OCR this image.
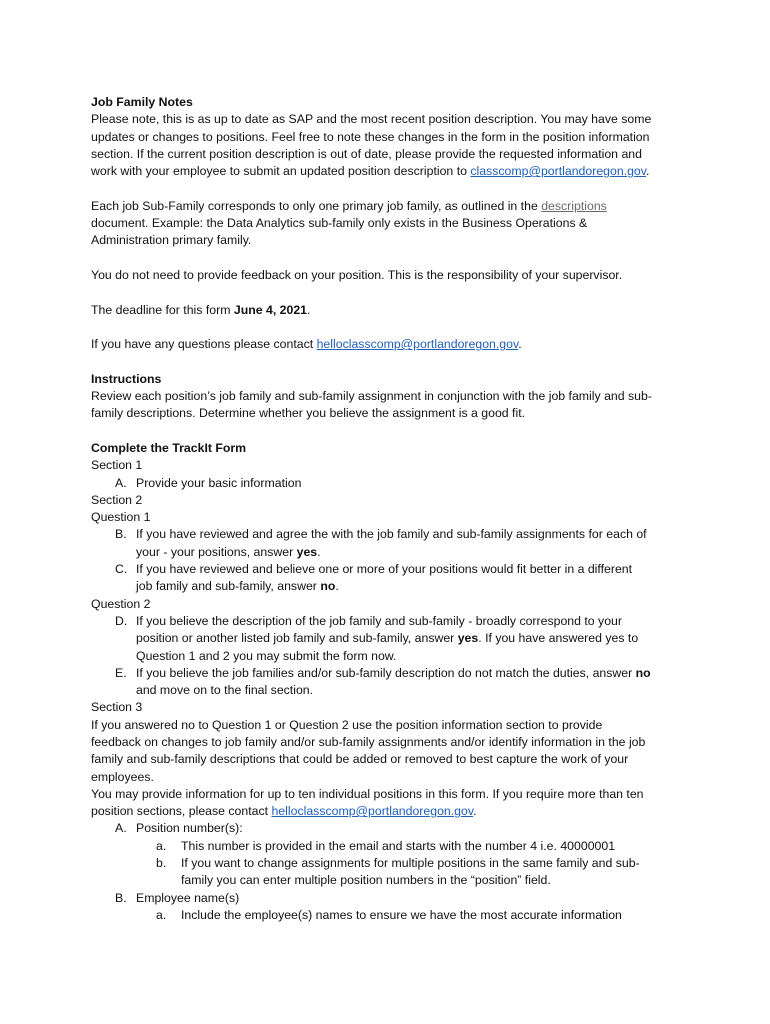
Job Family Notes
Please note, this is as up to date as SAP and the most recent position description. You may have some
updates or changes to positions. Feel free to note these changes in the form in the position information
section. If the current position description is out of date, please provide the requested information and
work with your employee to submit an updated position description to classcomp@portlandoregon.gov.
Each job Sub-Family corresponds to only one primary job family, as outlined in the descriptions
document. Example: the Data Analytics sub-family only exists in the Business Operations &
Administration primary family.
You do not need to provide feedback on your position. This is the responsibility of your supervisor.
The deadline for this form June 4, 2021.
If you have any questions please contact helloclasscomp@portlandoregon.gov.
Instructions
Review each position’s job family and sub-family assignment in conjunction with the job family and sub-
family descriptions. Determine whether you believe the assignment is a good fit.
Complete the TrackIt Form
Section 1
A. Provide your basic information
Section 2
Question 1
B. If you have reviewed and agree the with the job family and sub-family assignments for each of
your - your positions, answer yes.
C. If you have reviewed and believe one or more of your positions would fit better in a different
job family and sub-family, answer no.
Question 2
D. If you believe the description of the job family and sub-family - broadly correspond to your
position or another listed job family and sub-family, answer yes. If you have answered yes to
Question 1 and 2 you may submit the form now.
E. If you believe the job families and/or sub-family description do not match the duties, answer no
and move on to the final section.
Section 3
If you answered no to Question 1 or Question 2 use the position information section to provide
feedback on changes to job family and/or sub-family assignments and/or identify information in the job
family and sub-family descriptions that could be added or removed to best capture the work of your
employees.
You may provide information for up to ten individual positions in this form. If you require more than ten
position sections, please contact helloclasscomp@portlandoregon.gov.
A. Position number(s):
a. This number is provided in the email and starts with the number 4 i.e. 40000001
b. If you want to change assignments for multiple positions in the same family and sub-
family you can enter multiple position numbers in the “position” field.
B. Employee name(s)
a. Include the employee(s) names to ensure we have the most accurate information
